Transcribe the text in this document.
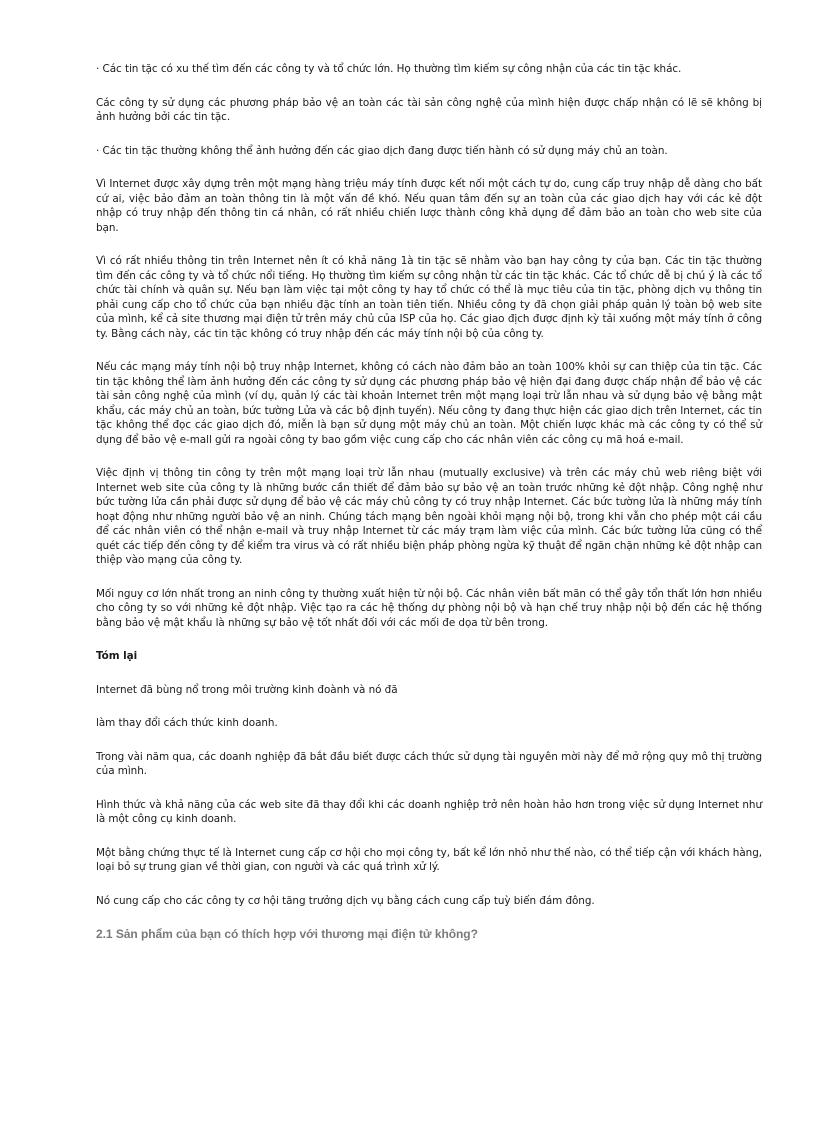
· Các tin tặc có xu thế tìm đến các công ty và tổ chức lớn. Họ thường tìm kiếm sự công nhận của các tin tặc khác.

Các công ty sử dụng các phương pháp bảo vệ an toàn các tài sản công nghệ của mình hiện được chấp nhận có lẽ sẽ không bị ảnh hưởng bởi các tin tặc.

· Các tin tặc thường không thể ảnh hưởng đến các giao dịch đang được tiến hành có sử dụng máy chủ an toàn.

Vì Internet được xây dựng trên một mạng hàng triệu máy tính được kết nối một cách tự do, cung cấp truy nhập dễ dàng cho bất cứ ai, việc bảo đảm an toàn thông tin là một vấn đề khó. Nếu quan tâm đến sự an toàn của các giao dịch hay với các kẻ đột nhập có truy nhập đến thông tin cá nhân, có rất nhiều chiến lược thành công khả dụng để đảm bảo an toàn cho web site của bạn.

Vì có rất nhiều thông tin trên Internet nên ít có khả năng 1à tin tặc sẽ nhằm vào bạn hay công ty của bạn. Các tin tặc thường tìm đến các công ty và tổ chức nổi tiếng. Họ thường tìm kiếm sự công nhận từ các tin tặc khác. Các tổ chức dễ bị chú ý là các tổ chức tài chính và quân sự. Nếu bạn làm việc tại một công ty hay tổ chức có thể là mục tiêu của tin tặc, phòng dịch vụ thông tin phải cung cấp cho tổ chức của bạn nhiều đặc tính an toàn tiên tiến. Nhiều công ty đã chọn giải pháp quản lý toàn bộ web site của mình, kể cả site thương mại điện tử trên máy chủ của ISP của họ. Các giao địch được định kỳ tải xuống một máy tính ở công ty. Bằng cách này, các tin tặc không có truy nhập đến các máy tính nội bộ của công ty.

Nếu các mạng máy tính nội bộ truy nhập Internet, không có cách nào đảm bảo an toàn 100% khỏi sự can thiệp của tin tặc. Các tin tặc không thể làm ảnh hưởng đến các công ty sử dụng các phương pháp bảo vệ hiện đại đang được chấp nhận để bảo vệ các tài sản công nghệ của mình (ví dụ, quản lý các tài khoản Internet trên một mạng loại trừ lẫn nhau và sử dụng bảo vệ bằng mật khẩu, các máy chủ an toàn, bức tường Lửa và các bộ định tuyến). Nếu công ty đang thực hiện các giao dịch trên Internet, các tin tặc không thể đọc các giao dịch đó, miễn là bạn sử dụng một máy chủ an toàn. Một chiến lược khác mà các công ty có thể sử dụng để bảo vệ e-mall gửi ra ngoài công ty bao gồm việc cung cấp cho các nhân viên các công cụ mã hoá e-mail.

Việc định vị thông tin công ty trên một mạng loại trừ lẫn nhau (mutually exclusive) và trên các máy chủ web riêng biệt với Internet web site của công ty là những bước cần thiết để đảm bảo sự bảo vệ an toàn trước những kẻ đột nhập. Công nghệ như bức tường lửa cần phải được sử dụng để bảo vệ các máy chủ công ty có truy nhập Internet. Các bức tường lửa là những máy tính hoạt động như những người bảo vệ an ninh. Chúng tách mạng bên ngoài khỏi mạng nội bộ, trong khi vẫn cho phép một cái cầu để các nhân viên có thể nhận e-mail và truy nhập Internet từ các máy trạm làm việc của mình. Các bức tường lửa cũng có thể quét các tiếp đến công ty để kiểm tra virus và có rất nhiều biện pháp phòng ngừa kỹ thuật để ngăn chặn những kẻ đột nhập can thiệp vào mạng của công ty.

Mối nguy cơ lớn nhất trong an ninh công ty thường xuất hiện từ nội bộ. Các nhân viên bất mãn có thể gây tổn thất lớn hơn nhiều cho công ty so với những kẻ đột nhập. Việc tạo ra các hệ thống dự phòng nội bộ và hạn chế truy nhập nội bộ đến các hệ thống bằng bảo vệ mật khẩu là những sự bảo vệ tốt nhất đối với các mối đe dọa từ bên trong.

Tóm lại

Internet đã bùng nổ trong môi trường kinh đoành và nó đã

làm thay đổi cách thức kinh doanh.

Trong vài năm qua, các doanh nghiệp đã bắt đầu biết được cách thức sử dụng tài nguyên mời này để mở rộng quy mô thị trường của mình.

Hình thức và khả năng của các web site đã thay đổi khi các doanh nghiệp trở nên hoàn hảo hơn trong việc sử dụng Internet như là một công cụ kinh doanh.

Một bằng chứng thực tế là Internet cung cấp cơ hội cho mọi công ty, bất kể lớn nhỏ như thế nào, có thể tiếp cận với khách hàng, loại bỏ sự trung gian về thời gian, con người và các quá trình xử lý.

Nó cung cấp cho các công ty cơ hội tăng trưởng dịch vụ bằng cách cung cấp tuỳ biến đám đông.

2.1 Sản phẩm của bạn có thích hợp với thương mại điện tử không?
